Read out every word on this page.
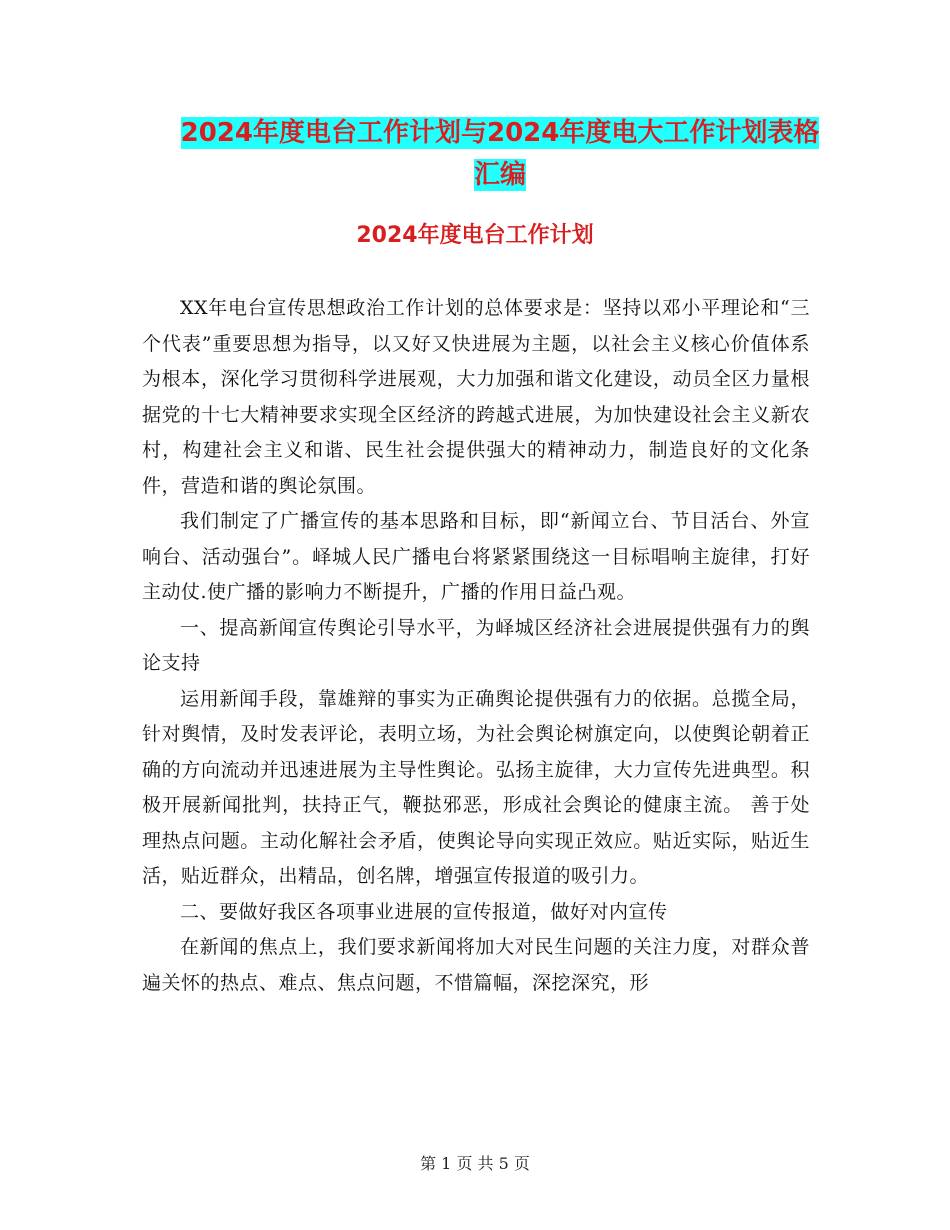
2024年度电台工作计划与2024年度电大工作计划表格
汇编
2024年度电台工作计划

XX年电台宣传思想政治工作计划的总体要求是：坚持以邓小平理论和“三个代表”重要思想为指导，以又好又快进展为主题，以社会主义核心价值体系为根本，深化学习贯彻科学进展观，大力加强和谐文化建设，动员全区力量根据党的十七大精神要求实现全区经济的跨越式进展，为加快建设社会主义新农村，构建社会主义和谐、民生社会提供强大的精神动力，制造良好的文化条件，营造和谐的舆论氛围。

我们制定了广播宣传的基本思路和目标，即“新闻立台、节目活台、外宣响台、活动强台”。峄城人民广播电台将紧紧围绕这一目标唱响主旋律，打好主动仗.使广播的影响力不断提升，广播的作用日益凸观。

一、提高新闻宣传舆论引导水平，为峄城区经济社会进展提供强有力的舆论支持

运用新闻手段，靠雄辩的事实为正确舆论提供强有力的依据。总揽全局，针对舆情，及时发表评论，表明立场，为社会舆论树旗定向，以使舆论朝着正确的方向流动并迅速进展为主导性舆论。弘扬主旋律，大力宣传先进典型。积极开展新闻批判，扶持正气，鞭挞邪恶，形成社会舆论的健康主流。 善于处理热点问题。主动化解社会矛盾，使舆论导向实现正效应。贴近实际，贴近生活，贴近群众，出精品，创名牌，增强宣传报道的吸引力。

二、要做好我区各项事业进展的宣传报道，做好对内宣传

在新闻的焦点上，我们要求新闻将加大对民生问题的关注力度，对群众普遍关怀的热点、难点、焦点问题，不惜篇幅，深挖深究，形

第 1 页 共 5 页
